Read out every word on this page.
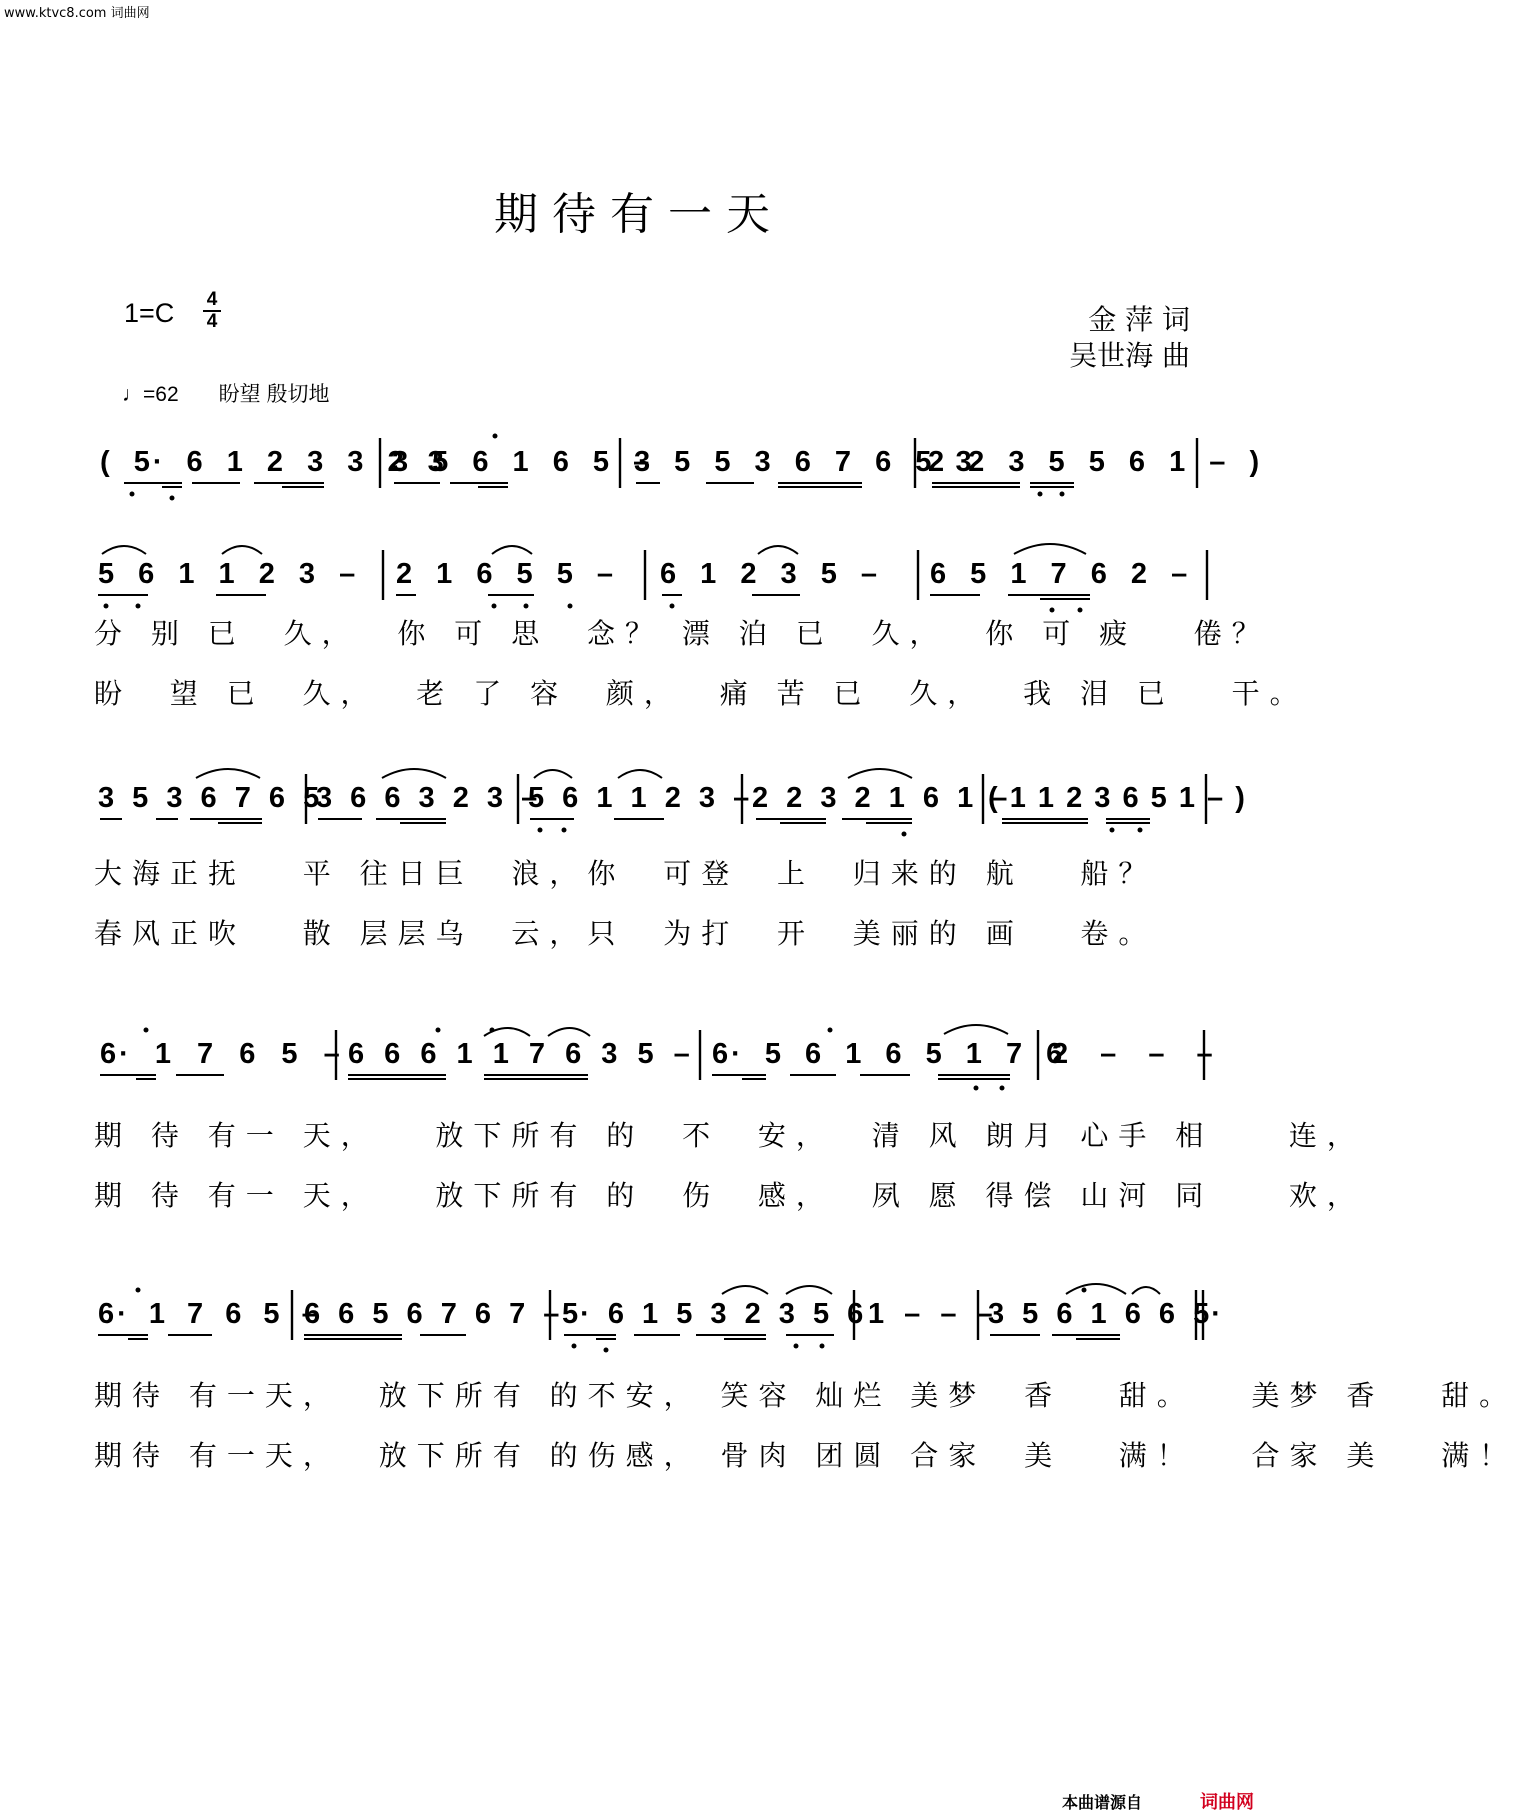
www.ktvc8.com 词曲网
期待有一天
1=C 4
4	金 萍 词
吴世海 曲
♩=62 盼望 殷切地
( 5· 6 1 2 3 3 2 3
3 5 6 1 6 5 –
3 5 5 3 6 7 6 5 3
2 2 3 5 5 6 1 – )
5 6 1 1 2 3 – 2 1 6 5 5 – 6 1 2 3 5 – 6 5 1 7 6 2 –
分 别 已  久，  你 可 思  念？ 漂 泊 已  久，  你 可 疲   倦？
盼  望 已  久，  老 了 容  颜，  痛 苦 已  久，  我 泪 已   干。
3 5 3 6 7 6 5
3 6 6 3 2 3 –
5 6 1 1 2 3 – 2 2 3 2 1 6 1 –
( 1 1 2 3 6 5 1 – )
大海正抚   平 往日巨  浪，你  可登  上  归来的 航   船？
春风正吹   散 层层乌  云，只  为打  开  美丽的 画   卷。
6· 1 7 6 5 – 6 6 6 1 1 7 6 3 5 – 6· 5 6 1 6 5 1 7 6
2 – – –
期 待 有一 天，   放下所有 的  不  安，  清 风 朗月 心手 相    连，
期 待 有一 天，   放下所有 的  伤  感，  夙 愿 得偿 山河 同    欢，
6· 1 7 6 5 –
6 6 5 6 7 6 7 – 5· 6 1 5 3 2 3 5 6 1 – – –
3 5 6 1 6 6 5·
期待 有一天，  放下所有 的不安， 笑容 灿烂 美梦  香   甜。   美梦 香   甜。
期待 有一天，  放下所有 的伤感， 骨肉 团圆 合家  美   满！   合家 美   满！
本曲谱源自	词曲网
